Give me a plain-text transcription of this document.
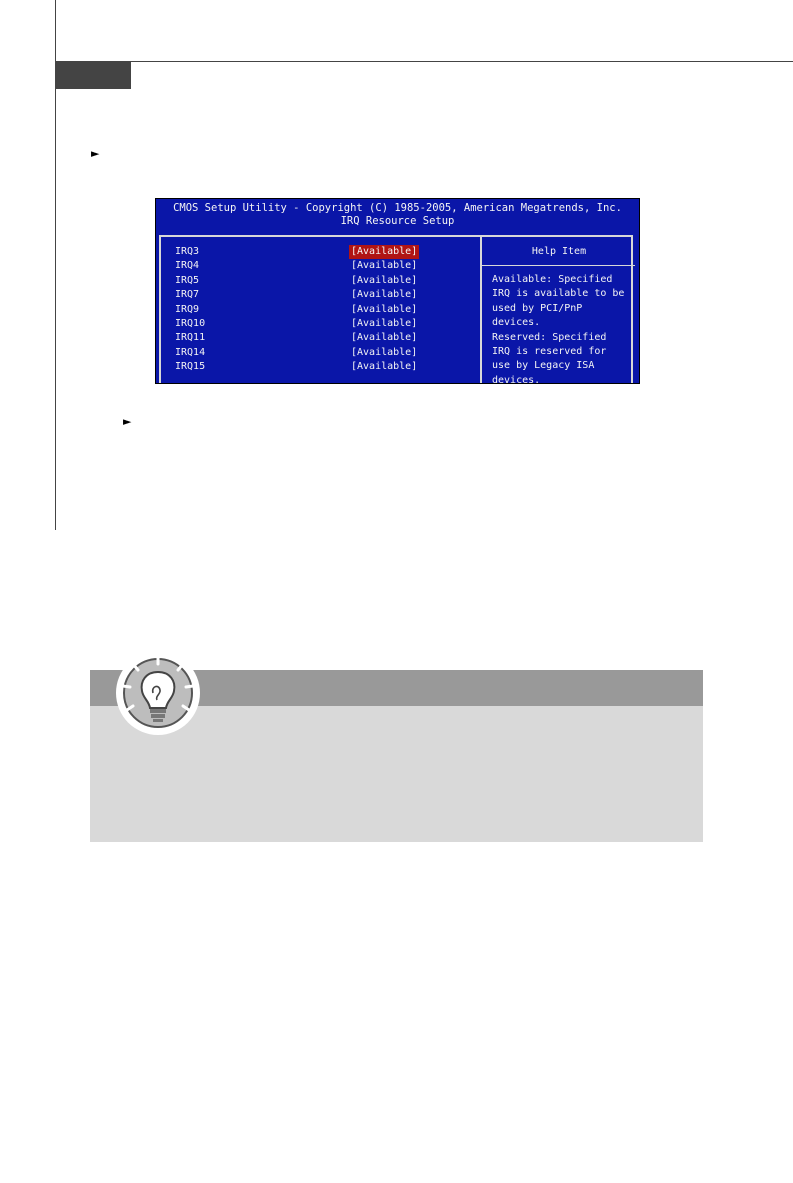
►
►
CMOS Setup Utility - Copyright (C) 1985-2005, American Megatrends, Inc.
IRQ Resource Setup
IRQ3	[Available]
IRQ4	[Available]
IRQ5	[Available]
IRQ7	[Available]
IRQ9	[Available]
IRQ10	[Available]
IRQ11	[Available]
IRQ14	[Available]
IRQ15	[Available]
Help Item
Available: Specified
IRQ is available to be
used by PCI/PnP
devices.
Reserved: Specified
IRQ is reserved for
use by Legacy ISA
devices.
